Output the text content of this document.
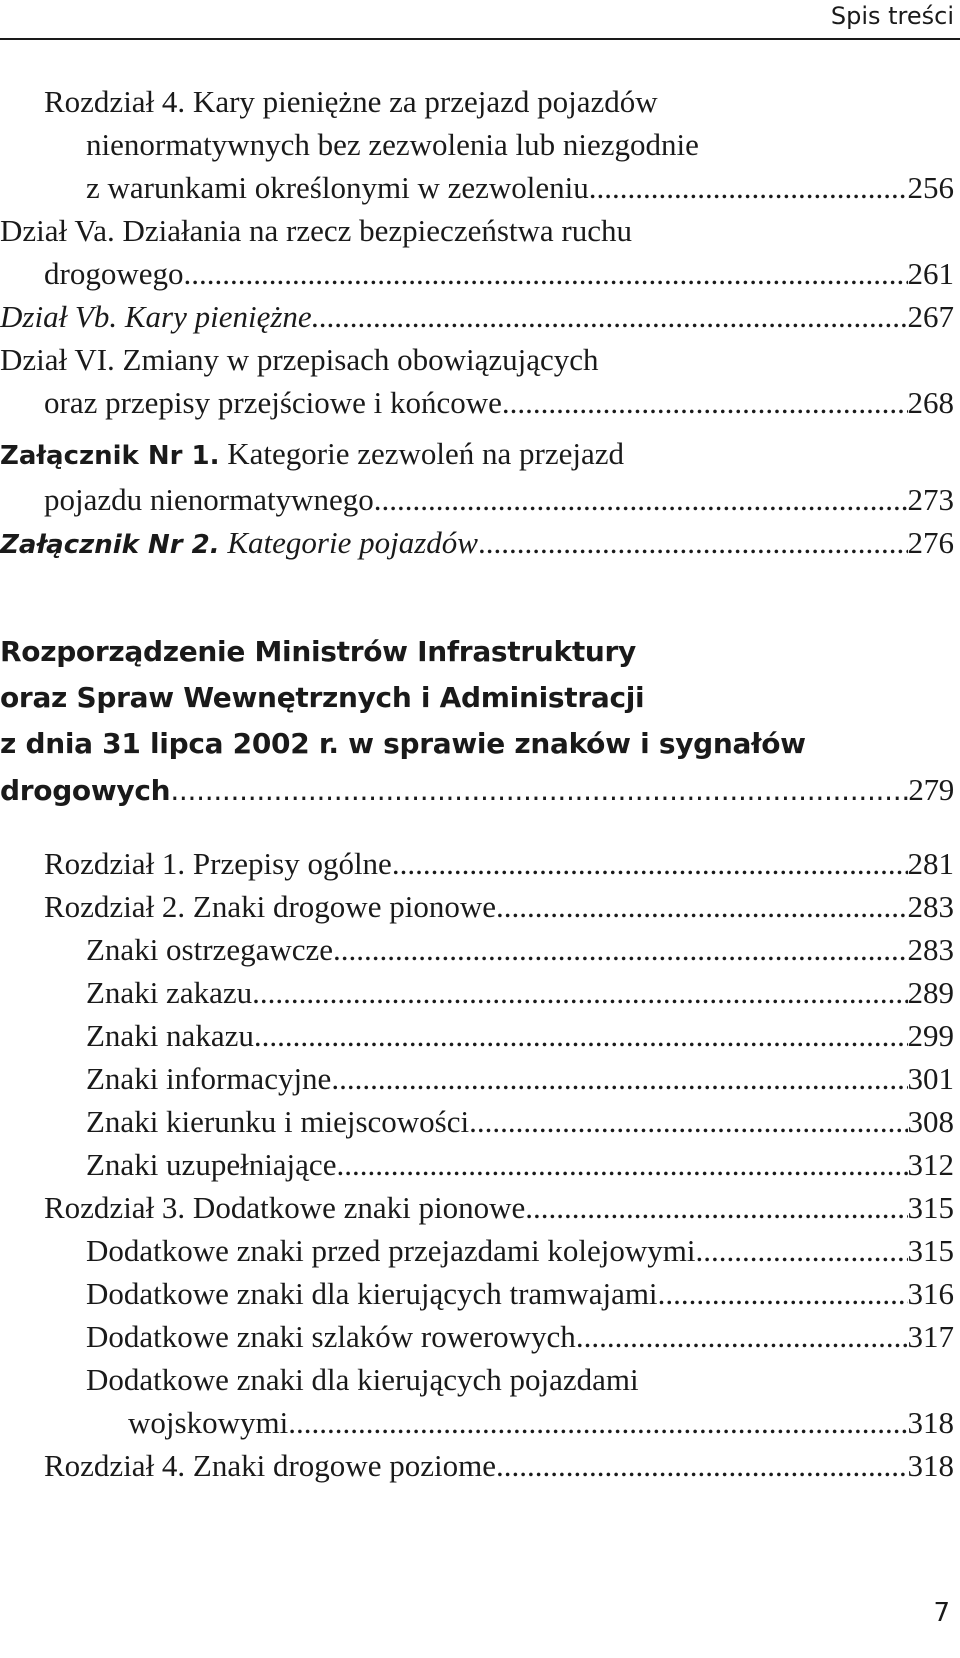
Spis treści
Rozdział 4. Kary pieniężne za przejazd pojazdów
nienormatywnych bez zezwolenia lub niezgodnie
z warunkami określonymi w zezwoleniu .....	256
Dział Va. Działania na rzecz bezpieczeństwa ruchu
drogowego .....	261
Dział Vb. Kary pieniężne .....	267
Dział VI. Zmiany w przepisach obowiązujących
oraz przepisy przejściowe i końcowe .....	268
Załącznik Nr 1. Kategorie zezwoleń na przejazd
pojazdu nienormatywnego .....	273
Załącznik Nr 2. Kategorie pojazdów .....	276
Rozporządzenie Ministrów Infrastruktury
oraz Spraw Wewnętrznych i Administracji
z dnia 31 lipca 2002 r. w sprawie znaków i sygnałów
drogowych .....	279
Rozdział 1. Przepisy ogólne .....	281
Rozdział 2. Znaki drogowe pionowe .....	283
Znaki ostrzegawcze .....	283
Znaki zakazu .....	289
Znaki nakazu .....	299
Znaki informacyjne .....	301
Znaki kierunku i miejscowości .....	308
Znaki uzupełniające .....	312
Rozdział 3. Dodatkowe znaki pionowe .....	315
Dodatkowe znaki przed przejazdami kolejowymi .....	315
Dodatkowe znaki dla kierujących tramwajami .....	316
Dodatkowe znaki szlaków rowerowych .....	317
Dodatkowe znaki dla kierujących pojazdami
wojskowymi .....	318
Rozdział 4. Znaki drogowe poziome .....	318
7
